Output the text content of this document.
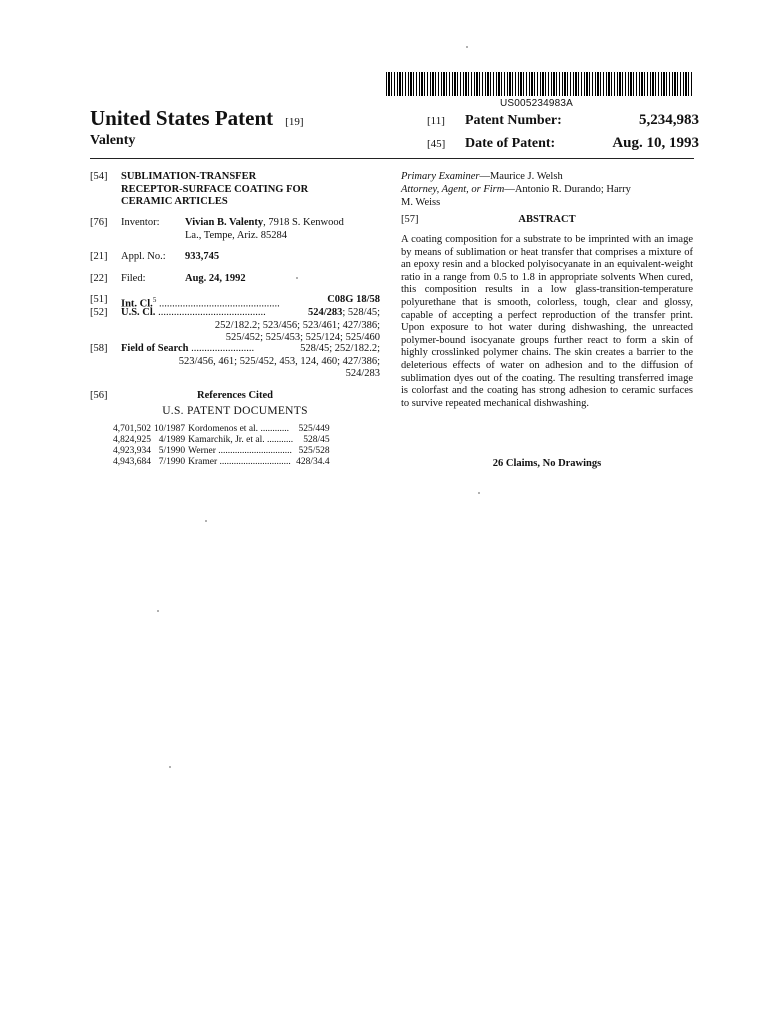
US005234983A
United States Patent [19]
Valenty
[11] Patent Number:	5,234,983
[45] Date of Patent:	Aug. 10, 1993
[54] SUBLIMATION-TRANSFER
RECEPTOR-SURFACE COATING FOR
CERAMIC ARTICLES
[76] Inventor: Vivian B. Valenty, 7918 S. Kenwood
La., Tempe, Ariz. 85284
[21] Appl. No.: 933,745
[22] Filed:	Aug. 24, 1992
[51] Int. Cl.$^5$ ..............................................	C08G 18/58
[52] U.S. Cl. .........................................	524/283; 528/45;
252/182.2; 523/456; 523/461; 427/386;
525/452; 525/453; 525/124; 525/460
[58] Field of Search ........................	528/45; 252/182.2;
523/456, 461; 525/452, 453, 124, 460; 427/386;
524/283
[56]	References Cited
U.S. PATENT DOCUMENTS
4,701,502	10/1987	Kordomenos et al. ............	525/449
4,824,925	4/1989	Kamarchik, Jr. et al. ...........	528/45
4,923,934	5/1990	Werner ...............................	525/528
4,943,684	7/1990	Kramer ..............................	428/34.4
Primary Examiner—Maurice J. Welsh
Attorney, Agent, or Firm—Antonio R. Durando; Harry
M. Weiss
[57]	ABSTRACT
A coating composition for a substrate to be imprinted with an image by means of sublimation or heat transfer that comprises a mixture of an epoxy resin and a blocked polyisocyanate in an equivalent-weight ratio in a range from 0.5 to 1.8 in appropriate solvents When cured, this composition results in a low glass-transition-temperature polyurethane that is smooth, colorless, tough, clear and glossy, capable of accepting a perfect reproduction of the transfer print. Upon exposure to hot water during dishwashing, the unreacted polymer-bound isocyanate groups further react to form a skin of highly crosslinked polymer chains. The skin creates a barrier to the deleterious effects of water on adhesion and to the diffusion of sublimation dyes out of the coating. The resulting transferred image is colorfast and the coating has strong adhesion to ceramic surfaces to survive repeated mechanical dishwashing.
26 Claims, No Drawings
